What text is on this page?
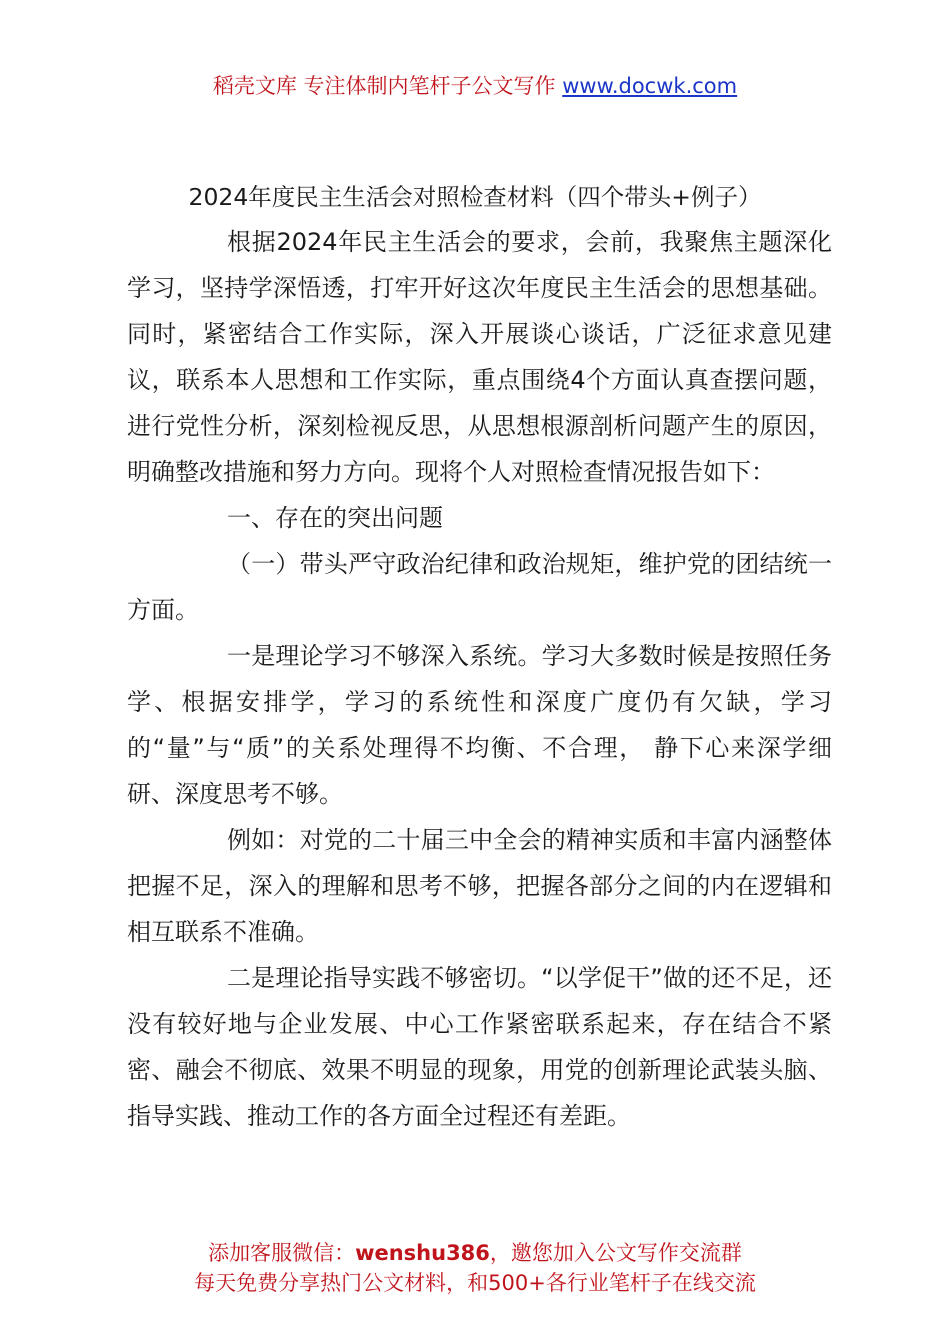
稻壳文库 专注体制内笔杆子公文写作 www.docwk.com
2024年度民主生活会对照检查材料（四个带头+例子）

根据2024年民主生活会的要求，会前，我聚焦主题深化学习，坚持学深悟透，打牢开好这次年度民主生活会的思想基础。同时，紧密结合工作实际，深入开展谈心谈话，广泛征求意见建议，联系本人思想和工作实际，重点围绕4个方面认真查摆问题，进行党性分析，深刻检视反思，从思想根源剖析问题产生的原因，明确整改措施和努力方向。现将个人对照检查情况报告如下：

一、存在的突出问题

（一）带头严守政治纪律和政治规矩，维护党的团结统一方面。

一是理论学习不够深入系统。学习大多数时候是按照任务学、根据安排学，学习的系统性和深度广度仍有欠缺，学习的“量”与“质”的关系处理得不均衡、不合理， 静下心来深学细研、深度思考不够。

例如：对党的二十届三中全会的精神实质和丰富内涵整体把握不足，深入的理解和思考不够，把握各部分之间的内在逻辑和相互联系不准确。

二是理论指导实践不够密切。“以学促干”做的还不足，还没有较好地与企业发展、中心工作紧密联系起来，存在结合不紧密、融会不彻底、效果不明显的现象，用党的创新理论武装头脑、指导实践、推动工作的各方面全过程还有差距。

添加客服微信：wenshu386，邀您加入公文写作交流群
每天免费分享热门公文材料，和500+各行业笔杆子在线交流
